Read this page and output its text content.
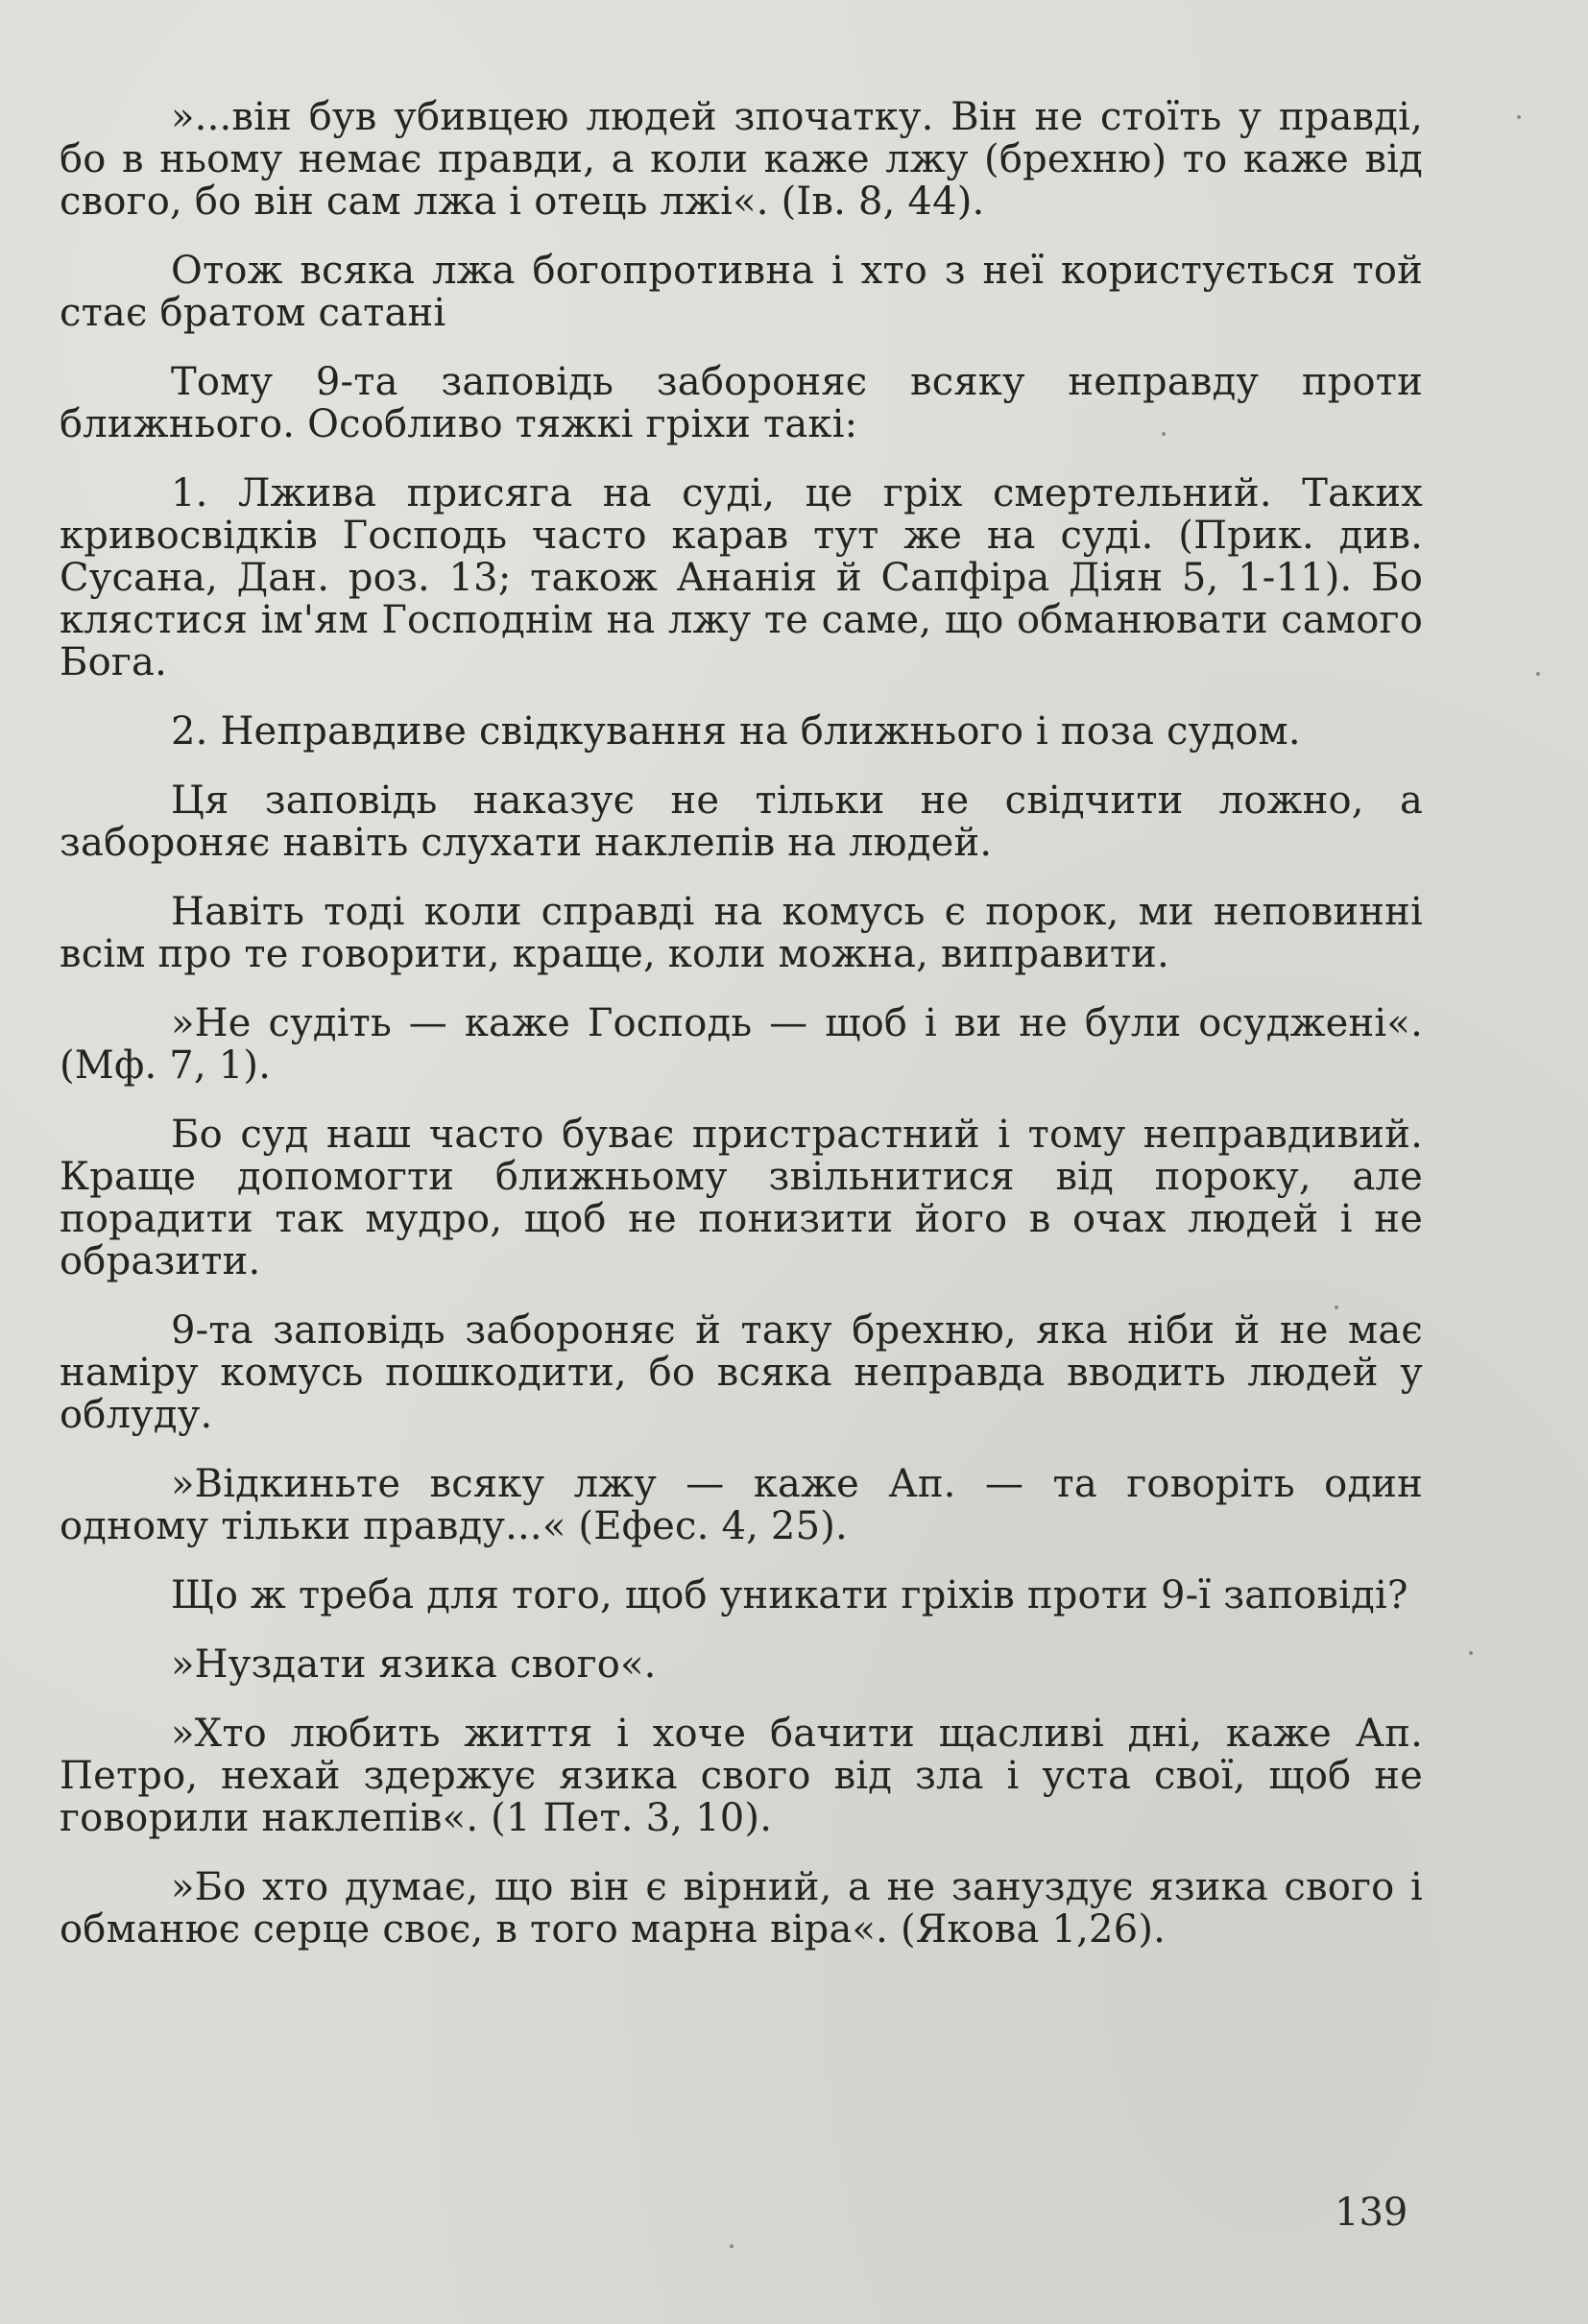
»...він був убивцею людей зпочатку. Він не стоїть у правді, бо в ньому немає правди, а коли каже лжу (брехню) то каже від свого, бо він сам лжа і отець лжі«. (Ів. 8, 44).

Отож всяка лжа богопротивна і хто з неї користується той стає братом сатані

Тому 9-та заповідь забороняє всяку неправду проти ближнього. Особливо тяжкі гріхи такі:

1. Лжива присяга на суді, це гріх смертельний. Таких кривосвідків Господь часто карав тут же на суді. (Прик. див. Сусана, Дан. роз. 13; також Ананія й Сапфіра Діян 5, 1-11). Бо клястися ім'ям Господнім на лжу те саме, що обманювати самого Бога.

2. Неправдиве свідкування на ближнього і поза судом.

Ця заповідь наказує не тільки не свідчити ложно, а забороняє навіть слухати наклепів на людей.

Навіть тоді коли справді на комусь є порок, ми неповинні всім про те говорити, краще, коли можна, виправити.

»Не судіть — каже Господь — щоб і ви не були осуджені«. (Мф. 7, 1).

Бо суд наш часто буває пристрастний і тому неправдивий. Краще допомогти ближньому звільнитися від пороку, але порадити так мудро, щоб не понизити його в очах людей і не образити.

9-та заповідь забороняє й таку брехню, яка ніби й не має наміру комусь пошкодити, бо всяка неправда вводить людей у облуду.

»Відкиньте всяку лжу — каже Ап. — та говоріть один одному тільки правду...« (Ефес. 4, 25).

Що ж треба для того, щоб уникати гріхів проти 9-ї заповіді?

»Нуздати язика свого«.

»Хто любить життя і хоче бачити щасливі дні, каже Ап. Петро, нехай здержує язика свого від зла і уста свої, щоб не говорили наклепів«. (1 Пет. 3, 10).

»Бо хто думає, що він є вірний, а не зануздує язика свого і обманює серце своє, в того марна віра«. (Якова 1,26).

139
